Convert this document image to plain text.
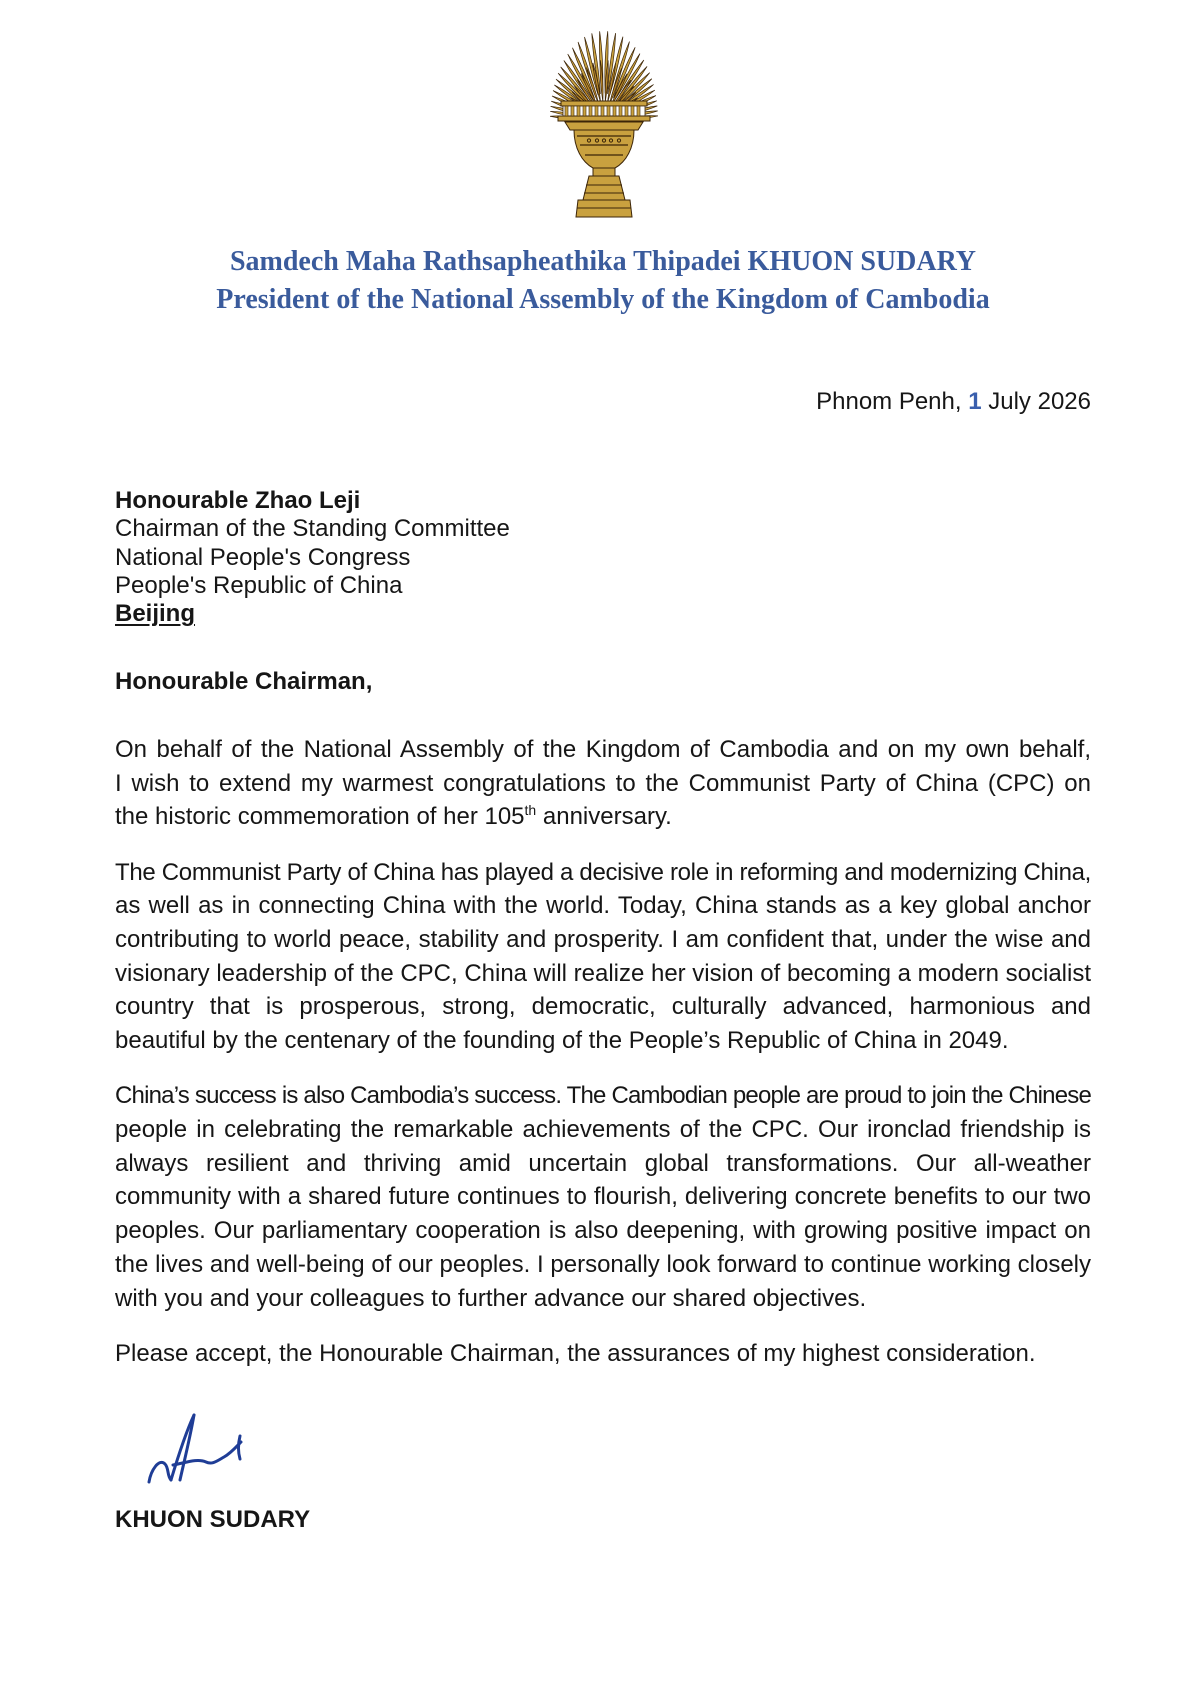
Samdech Maha Rathsapheathika Thipadei KHUON SUDARY
President of the National Assembly of the Kingdom of Cambodia
Phnom Penh, 1 July 2026
Honourable Zhao Leji
Chairman of the Standing Committee
National People's Congress
People's Republic of China
Beijing
Honourable Chairman,
On behalf of the National Assembly of the Kingdom of Cambodia and on my own behalf,
I wish to extend my warmest congratulations to the Communist Party of China (CPC) on
the historic commemoration of her 105th anniversary.
The Communist Party of China has played a decisive role in reforming and modernizing China,
as well as in connecting China with the world. Today, China stands as a key global anchor
contributing to world peace, stability and prosperity. I am confident that, under the wise and
visionary leadership of the CPC, China will realize her vision of becoming a modern socialist
country that is prosperous, strong, democratic, culturally advanced, harmonious and
beautiful by the centenary of the founding of the People’s Republic of China in 2049.
China’s success is also Cambodia’s success. The Cambodian people are proud to join the Chinese
people in celebrating the remarkable achievements of the CPC. Our ironclad friendship is
always resilient and thriving amid uncertain global transformations. Our all-weather
community with a shared future continues to flourish, delivering concrete benefits to our two
peoples. Our parliamentary cooperation is also deepening, with growing positive impact on
the lives and well-being of our peoples. I personally look forward to continue working closely
with you and your colleagues to further advance our shared objectives.
Please accept, the Honourable Chairman, the assurances of my highest consideration.
KHUON SUDARY
